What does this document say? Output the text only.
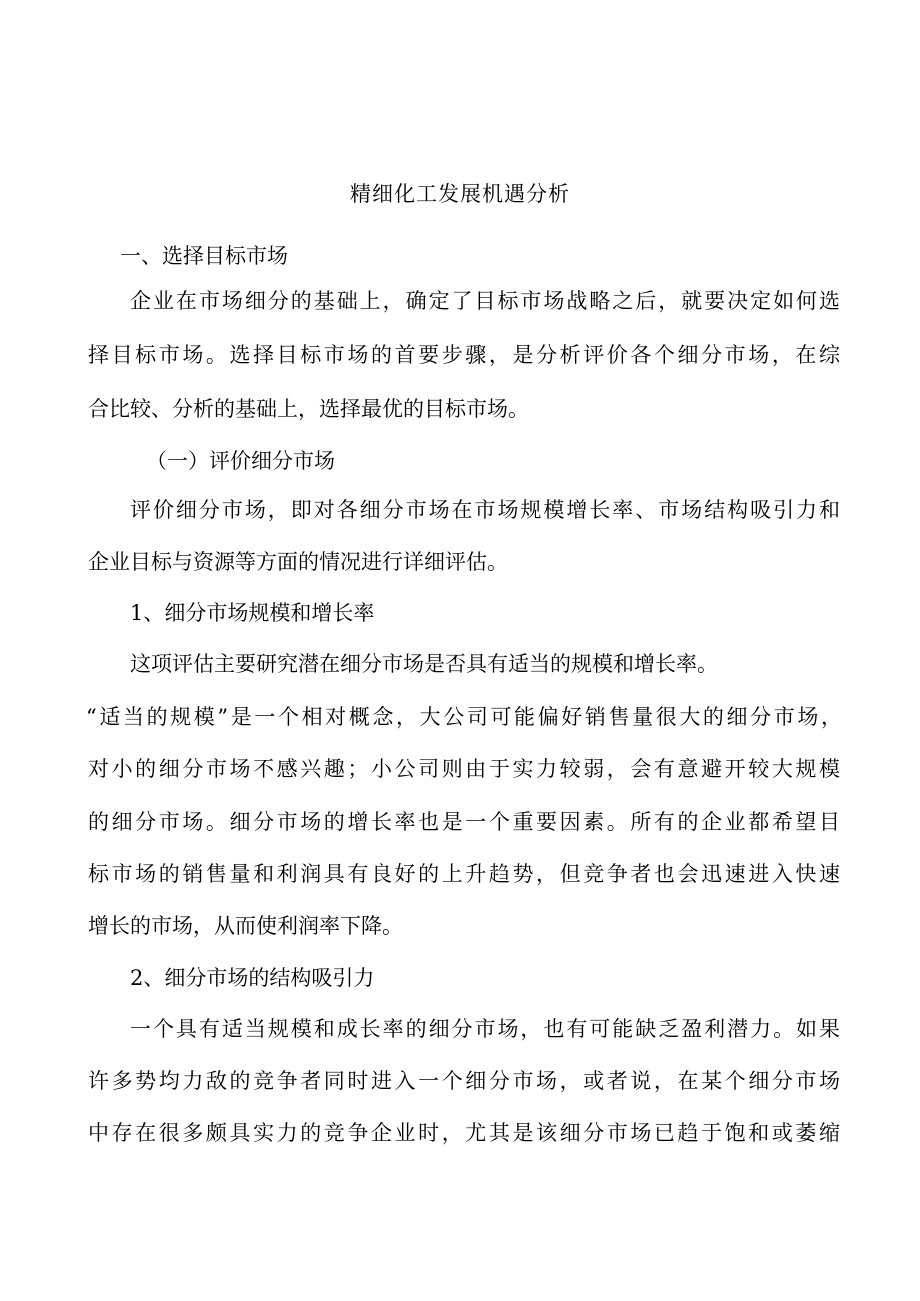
精细化工发展机遇分析
一、选择目标市场
企业在市场细分的基础上，确定了目标市场战略之后，就要决定如何选
择目标市场。选择目标市场的首要步骤，是分析评价各个细分市场，在综
合比较、分析的基础上，选择最优的目标市场。
（一）评价细分市场
评价细分市场，即对各细分市场在市场规模增长率、市场结构吸引力和
企业目标与资源等方面的情况进行详细评估。
1、细分市场规模和增长率
这项评估主要研究潜在细分市场是否具有适当的规模和增长率。
“适当的规模”是一个相对概念，大公司可能偏好销售量很大的细分市场，
对小的细分市场不感兴趣；小公司则由于实力较弱，会有意避开较大规模
的细分市场。细分市场的增长率也是一个重要因素。所有的企业都希望目
标市场的销售量和利润具有良好的上升趋势，但竞争者也会迅速进入快速
增长的市场，从而使利润率下降。
2、细分市场的结构吸引力
一个具有适当规模和成长率的细分市场，也有可能缺乏盈利潜力。如果
许多势均力敌的竞争者同时进入一个细分市场，或者说，在某个细分市场
中存在很多颇具实力的竞争企业时，尤其是该细分市场已趋于饱和或萎缩
